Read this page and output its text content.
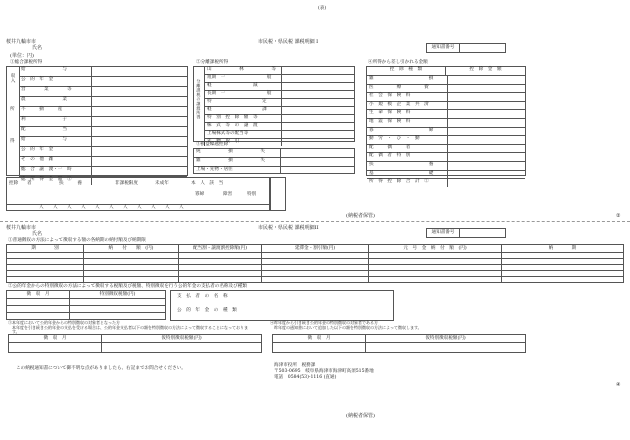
(表)
桜井九輪市市
氏名
(単位：円)
市民税・県民税 課税明細 I
通知書番号	
①総合課税所得
収入
所
得
給　　　　　　　　与
公　的　年　金
営　　　　業　　　　等
農　　　　　　　　業
不　　　動　　　産
利　　　　　　　　子
配　　　　　　　　当
給　　　　　　　　与
公　的　年　金
そ　の　他　雑
総　合　譲　渡・一　時
総　所　得　金　額　①
②分離課税所得
分離課税の譲渡所得
山　　　　　　林　　　　　　等
短期　一　　　　　　　　　般
軽　　　　　　　　　減
長期　一　　　　　　　　　般
特　　　　　　　　　　　定
軽　　　　　　　　　　　課
特　別　控　除　額　等
株　式　等　の　譲　渡
上場株式等の配当等
先　物　取　引
③損益繰越控除
純　　　　　　損　　　　　　失
雑　　　　　　損　　　　　　失
上場・先物・居住
④所得から差し引かれる金額
控　除　種　類	控　除　金　額
雑　　　　　　　　　　　　損
医　　　　　療　　　　　費
社　会　保　険　料
小　規　模　企　業　共　済
生　命　保　険　料
地　震　保　険　料
寡　　　　　　　　　　　　婦
勤　労　・　ひ　・　勤
配　　　偶　　　者
配　偶　者　特　別
扶　　　　　　　　　　　　養
基　　　　　　　　　　　　礎
所　得　控　除　合　計　②
控除 者	扶　　　養	非課税限度	未成年	本　人　該　当
寡婦	障害	特別
人 人 人 人 人 人 人 人 人 人 人
(納税者保管)	②
桜井九輪市市
氏名
市民税・県民税 課税明細II
通知書番号	
①普通徴収の方法によって徴収する額の各納期の納付額及び納期限
期　　　　別	納　　付　　額　(円)	配当割・譲渡割控除額(円)	延滞金・割引額(円)	元　号　金　納　付　額　(円)	納　　　　期

②公的年金からの特別徴収の方法によって徴収する税額及び税額、特別徴収を行う公的年金の支払者の名称及び種類
徴　収　月	特別徴収税額(円)

		支　払　者　の　名　称
公　的　年　金　の　種　類
③本年度において公的年金からの特別徴収の対象者となった方
本年度を引き続き公的年金の支払を受ける場合は、公的年金支払者以下の額を特別徴収の方法によって徴収することになっております。
徴　収　月	仮特別徴収税額(円)

④昨年度から引き続き公的年金の特別徴収の対象者である方
昨年度の通知書において追加した以下の額を特別徴収の方法によって徴収します。
徴　収　月	仮特別徴収税額(円)

この納税通知書について御不明な点がありましたら、右記までお問合せください。
海津市役所　税務課
〒503-0695　岐阜県海津市海津町高須515番地
電話　0584(53)-1116 (直通)
(納税者保管)
④
